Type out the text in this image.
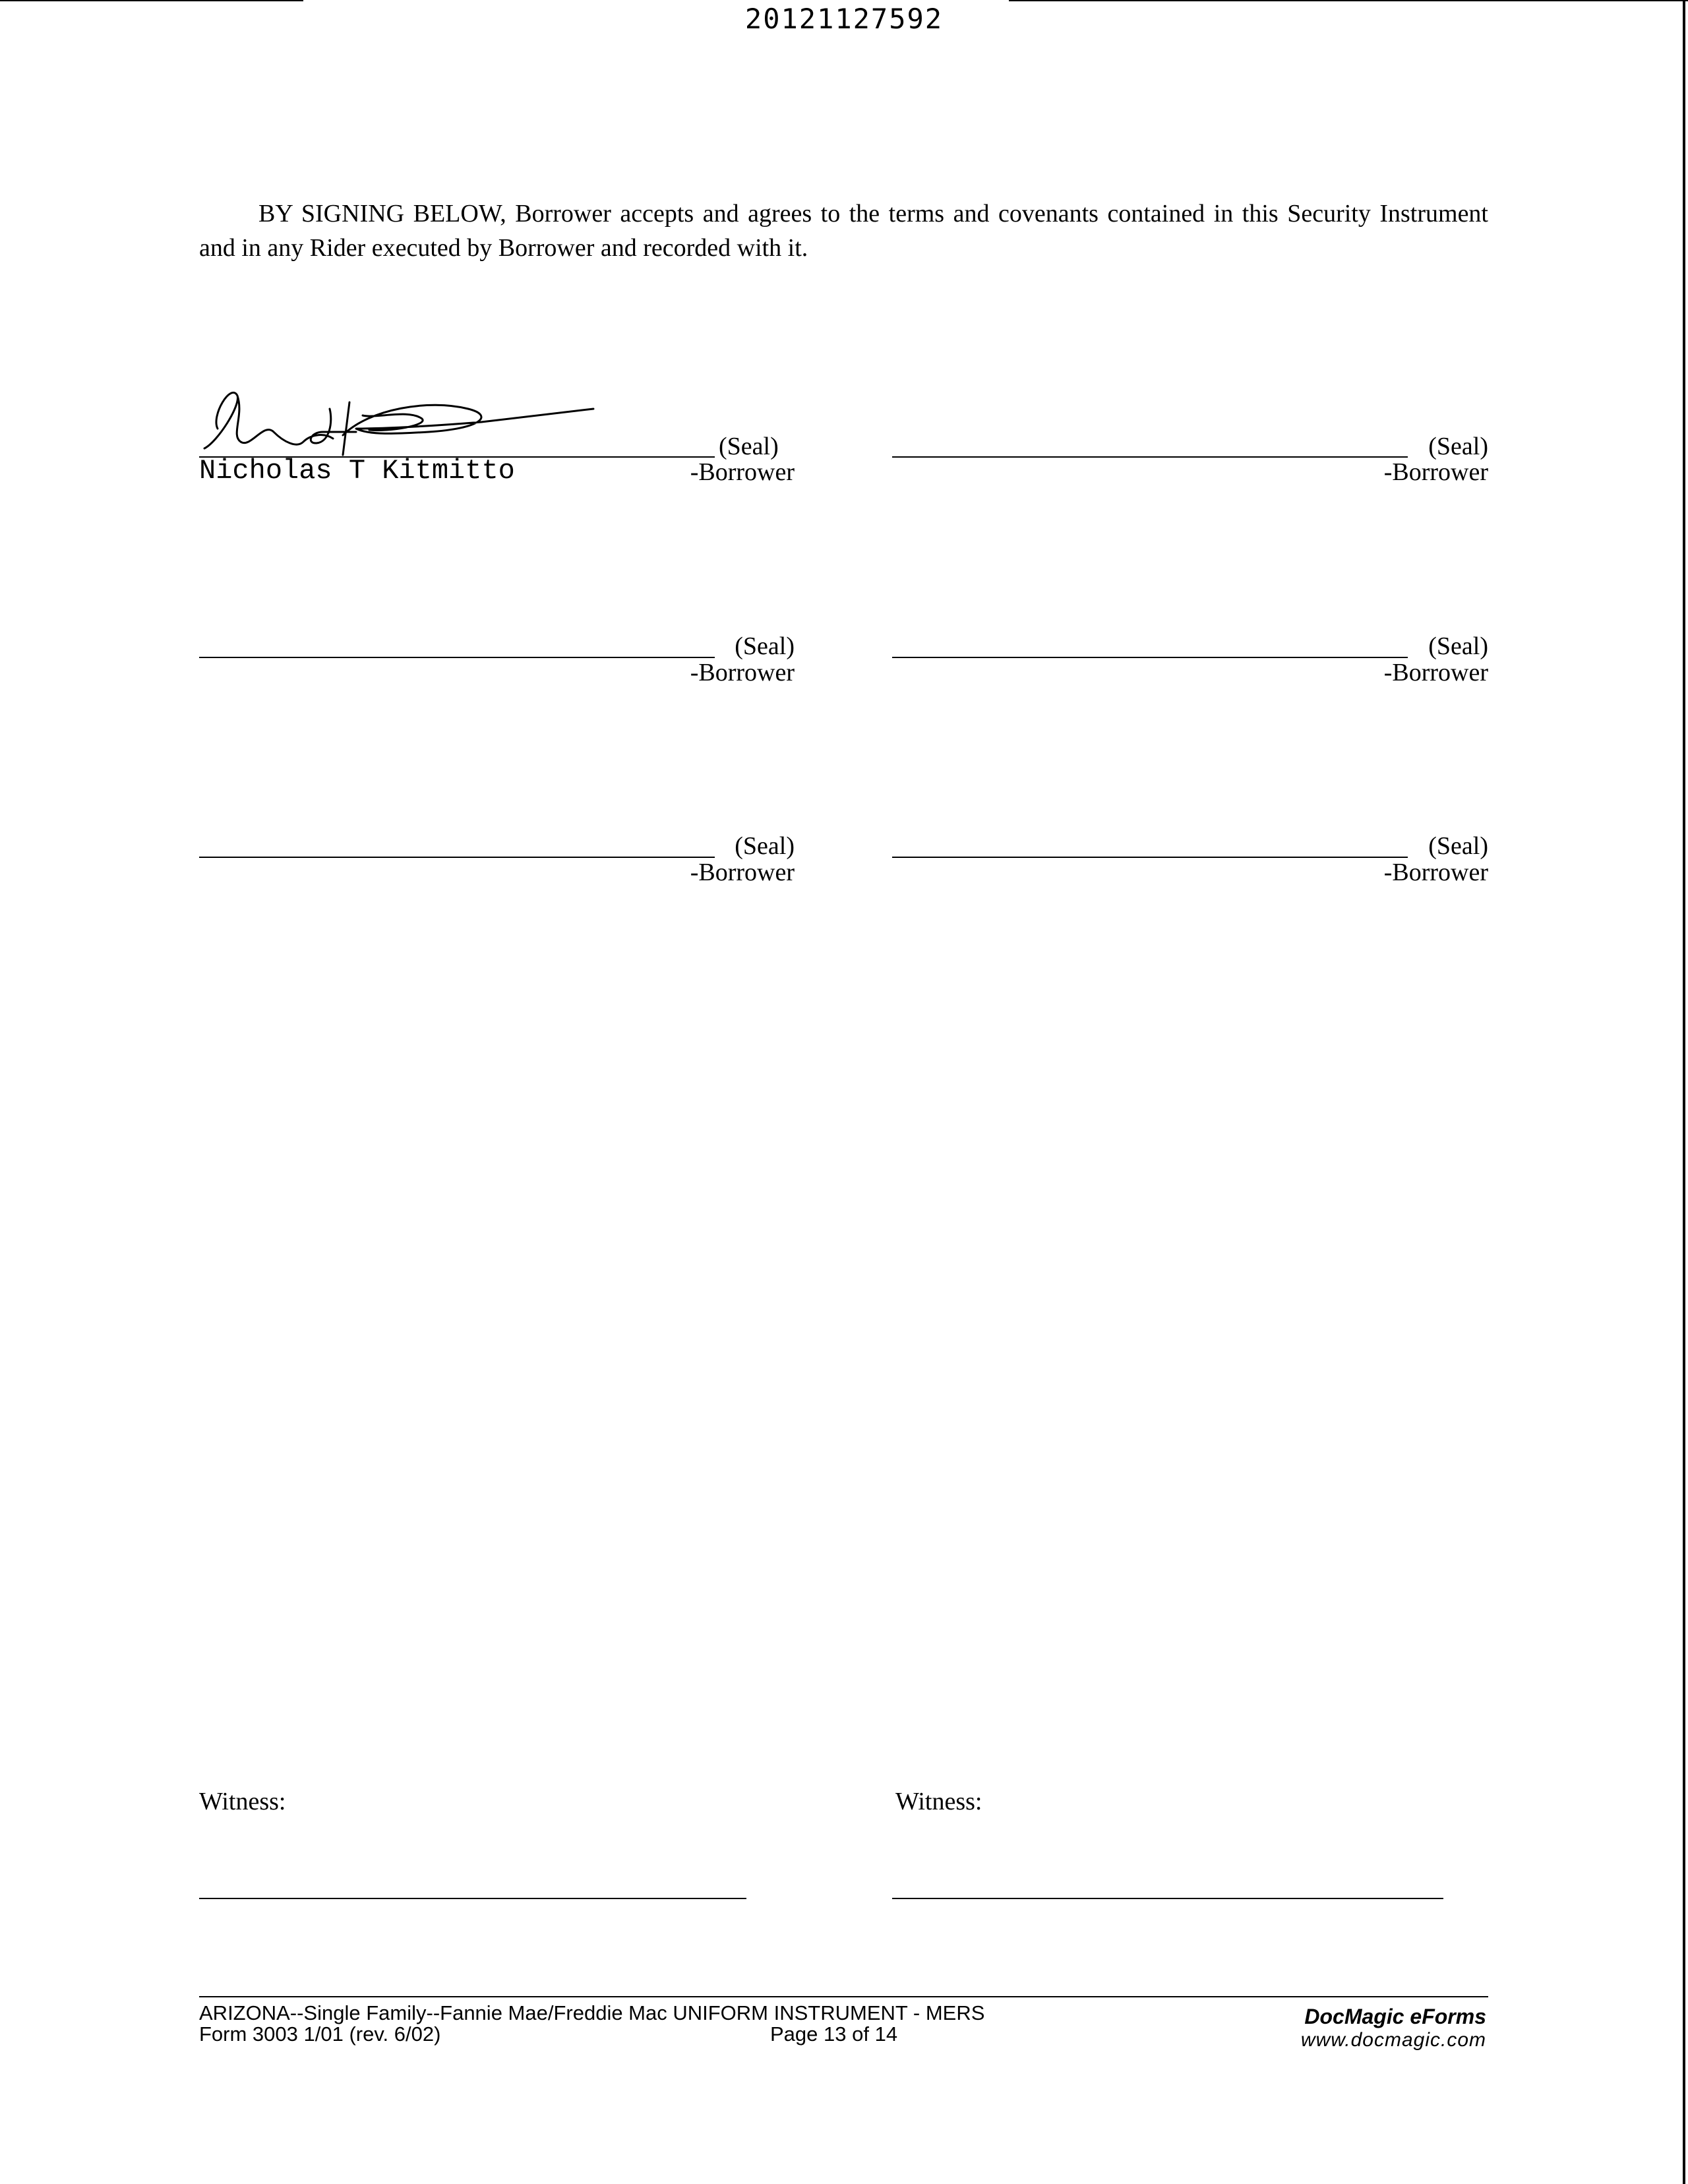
20121127592
BY SIGNING BELOW, Borrower accepts and agrees to the terms and covenants contained in this Security Instrument and in any Rider executed by Borrower and recorded with it.
(Seal)
-Borrower
Nicholas T Kitmitto
(Seal)
-Borrower
(Seal)
-Borrower
(Seal)
-Borrower
(Seal)
-Borrower
(Seal)
-Borrower
Witness:	Witness:
ARIZONA--Single Family--Fannie Mae/Freddie Mac UNIFORM INSTRUMENT - MERS
Form 3003 1/01 (rev. 6/02)	Page 13 of 14
DocMagic eForms
www.docmagic.com
